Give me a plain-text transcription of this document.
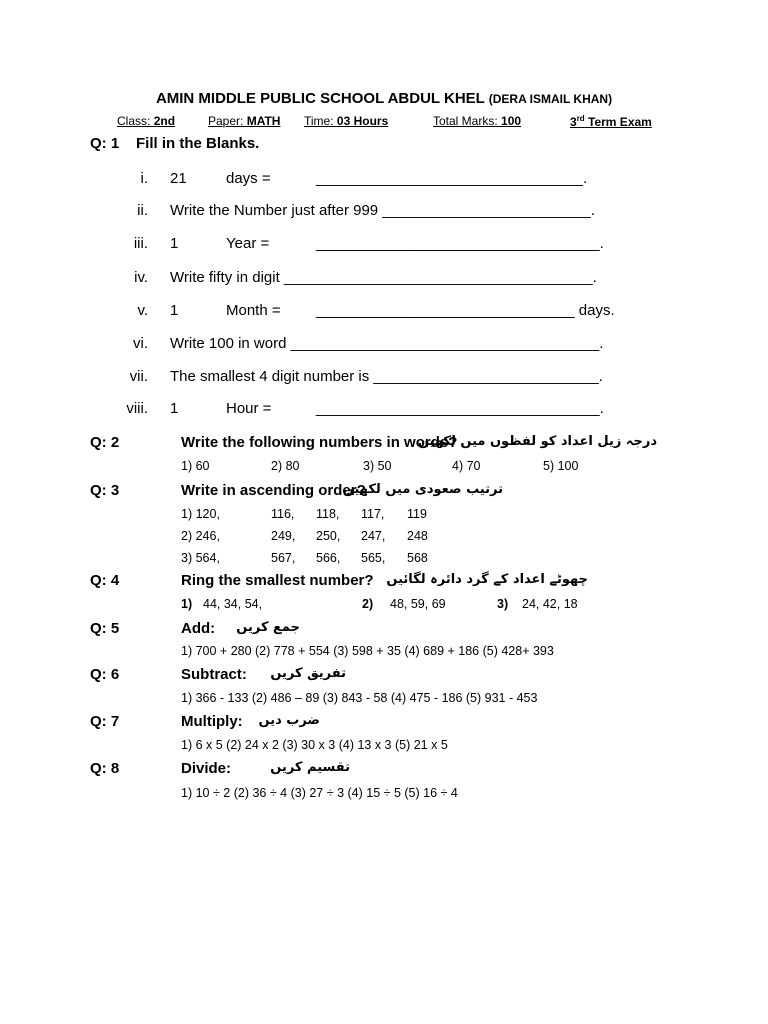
AMIN MIDDLE PUBLIC SCHOOL ABDUL KHEL (DERA ISMAIL KHAN)
Class: 2nd	Paper: MATH Time: 03 Hours	Total Marks: 100	3rd Term Exam
Q: 1 Fill in the Blanks.
i. 21	days =	________________________________.
ii. Write the Number just after 999 _________________________.
iii. 1	Year =	__________________________________.
iv. Write fifty in digit _____________________________________.
v. 1	Month = _______________________________ days.
vi. Write 100 in word _____________________________________.
vii. The smallest 4 digit number is ___________________________.
viii. 1	Hour =	__________________________________.
Q: 2	Write the following numbers in words?
درجہ زیل اعداد کو لفظوں میں لکھیں
1) 60	2) 80	3) 50	4) 70	5) 100
Q: 3	Write in ascending order?
ترتیب صعودی میں لکھیں
1) 120,	116, 118, 117, 119
2) 246,	249, 250, 247, 248
3) 564,	567, 566, 565, 568
Q: 4	Ring the smallest number? چھوٹے اعداد کے گرد دائرہ لگائیں
1) 44, 34, 54,	2) 48, 59, 69	3) 24, 42, 18
Q: 5	Add:	جمع کریں
1) 700 + 280 (2) 778 + 554 (3) 598 + 35 (4) 689 + 186 (5) 428+ 393
Q: 6	Subtract:	تفریق کریں
1) 366 - 133 (2) 486 – 89 (3) 843 - 58 (4) 475 - 186 (5) 931 - 453
Q: 7	Multiply: ضرب دیں
1) 6 x 5 (2) 24 x 2 (3) 30 x 3 (4) 13 x 3 (5) 21 x 5
Q: 8	Divide:	تقسیم کریں
1) 10 ÷ 2 (2) 36 ÷ 4 (3) 27 ÷ 3 (4) 15 ÷ 5 (5) 16 ÷ 4
